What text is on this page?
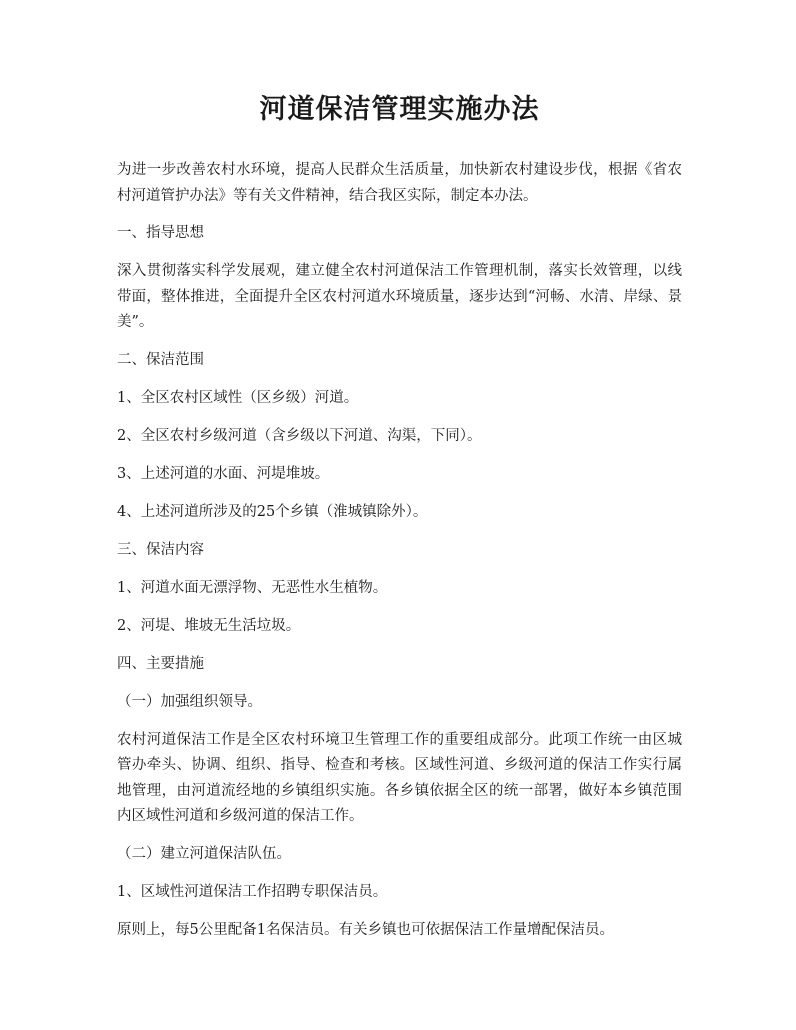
河道保洁管理实施办法

为进一步改善农村水环境，提高人民群众生活质量，加快新农村建设步伐，根据《省农村河道管护办法》等有关文件精神，结合我区实际，制定本办法。

一、指导思想

深入贯彻落实科学发展观，建立健全农村河道保洁工作管理机制，落实长效管理，以线带面，整体推进，全面提升全区农村河道水环境质量，逐步达到“河畅、水清、岸绿、景美”。

二、保洁范围

1、全区农村区域性（区乡级）河道。

2、全区农村乡级河道（含乡级以下河道、沟渠，下同）。

3、上述河道的水面、河堤堆坡。

4、上述河道所涉及的25个乡镇（淮城镇除外）。

三、保洁内容

1、河道水面无漂浮物、无恶性水生植物。

2、河堤、堆坡无生活垃圾。

四、主要措施

（一）加强组织领导。

农村河道保洁工作是全区农村环境卫生管理工作的重要组成部分。此项工作统一由区城管办牵头、协调、组织、指导、检查和考核。区域性河道、乡级河道的保洁工作实行属地管理，由河道流经地的乡镇组织实施。各乡镇依据全区的统一部署，做好本乡镇范围内区域性河道和乡级河道的保洁工作。

（二）建立河道保洁队伍。

1、区域性河道保洁工作招聘专职保洁员。

原则上，每5公里配备1名保洁员。有关乡镇也可依据保洁工作量增配保洁员。
